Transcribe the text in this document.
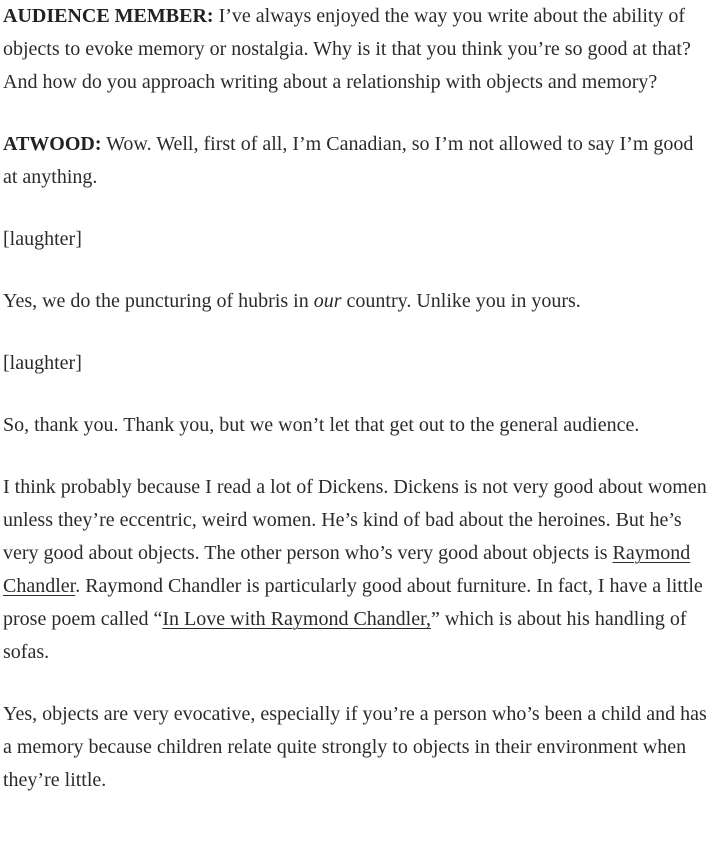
AUDIENCE MEMBER: I’ve always enjoyed the way you write about the ability of objects to evoke memory or nostalgia. Why is it that you think you’re so good at that? And how do you approach writing about a relationship with objects and memory?

ATWOOD: Wow. Well, first of all, I’m Canadian, so I’m not allowed to say I’m good at anything.

[laughter]

Yes, we do the puncturing of hubris in our country. Unlike you in yours.

[laughter]

So, thank you. Thank you, but we won’t let that get out to the general audience.

I think probably because I read a lot of Dickens. Dickens is not very good about women unless they’re eccentric, weird women. He’s kind of bad about the heroines. But he’s very good about objects. The other person who’s very good about objects is Raymond Chandler. Raymond Chandler is particularly good about furniture. In fact, I have a little prose poem called “In Love with Raymond Chandler,” which is about his handling of sofas.

Yes, objects are very evocative, especially if you’re a person who’s been a child and has a memory because children relate quite strongly to objects in their environment when they’re little.
